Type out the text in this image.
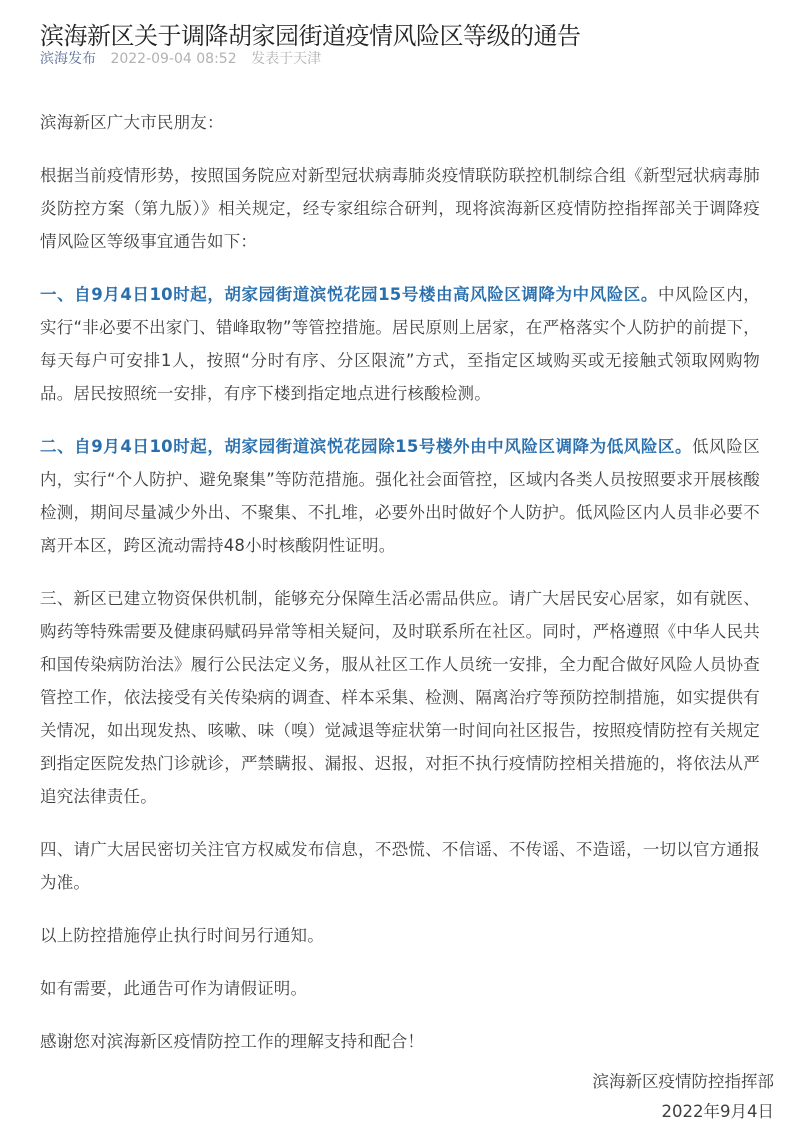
滨海新区关于调降胡家园街道疫情风险区等级的通告
滨海发布 2022-09-04 08:52 发表于天津

滨海新区广大市民朋友：

根据当前疫情形势，按照国务院应对新型冠状病毒肺炎疫情联防联控机制综合组《新型冠状病毒肺炎防控方案（第九版）》相关规定，经专家组综合研判，现将滨海新区疫情防控指挥部关于调降疫情风险区等级事宜通告如下：

一、自9月4日10时起，胡家园街道滨悦花园15号楼由高风险区调降为中风险区。中风险区内，实行“非必要不出家门、错峰取物”等管控措施。居民原则上居家，在严格落实个人防护的前提下，每天每户可安排1人，按照“分时有序、分区限流”方式，至指定区域购买或无接触式领取网购物品。居民按照统一安排，有序下楼到指定地点进行核酸检测。

二、自9月4日10时起，胡家园街道滨悦花园除15号楼外由中风险区调降为低风险区。低风险区内，实行“个人防护、避免聚集”等防范措施。强化社会面管控，区域内各类人员按照要求开展核酸检测，期间尽量减少外出、不聚集、不扎堆，必要外出时做好个人防护。低风险区内人员非必要不离开本区，跨区流动需持48小时核酸阴性证明。

三、新区已建立物资保供机制，能够充分保障生活必需品供应。请广大居民安心居家，如有就医、购药等特殊需要及健康码赋码异常等相关疑问，及时联系所在社区。同时，严格遵照《中华人民共和国传染病防治法》履行公民法定义务，服从社区工作人员统一安排，全力配合做好风险人员协查管控工作，依法接受有关传染病的调查、样本采集、检测、隔离治疗等预防控制措施，如实提供有关情况，如出现发热、咳嗽、味（嗅）觉减退等症状第一时间向社区报告，按照疫情防控有关规定到指定医院发热门诊就诊，严禁瞒报、漏报、迟报，对拒不执行疫情防控相关措施的，将依法从严追究法律责任。

四、请广大居民密切关注官方权威发布信息，不恐慌、不信谣、不传谣、不造谣，一切以官方通报为准。

以上防控措施停止执行时间另行通知。

如有需要，此通告可作为请假证明。

感谢您对滨海新区疫情防控工作的理解支持和配合！

滨海新区疫情防控指挥部
2022年9月4日
